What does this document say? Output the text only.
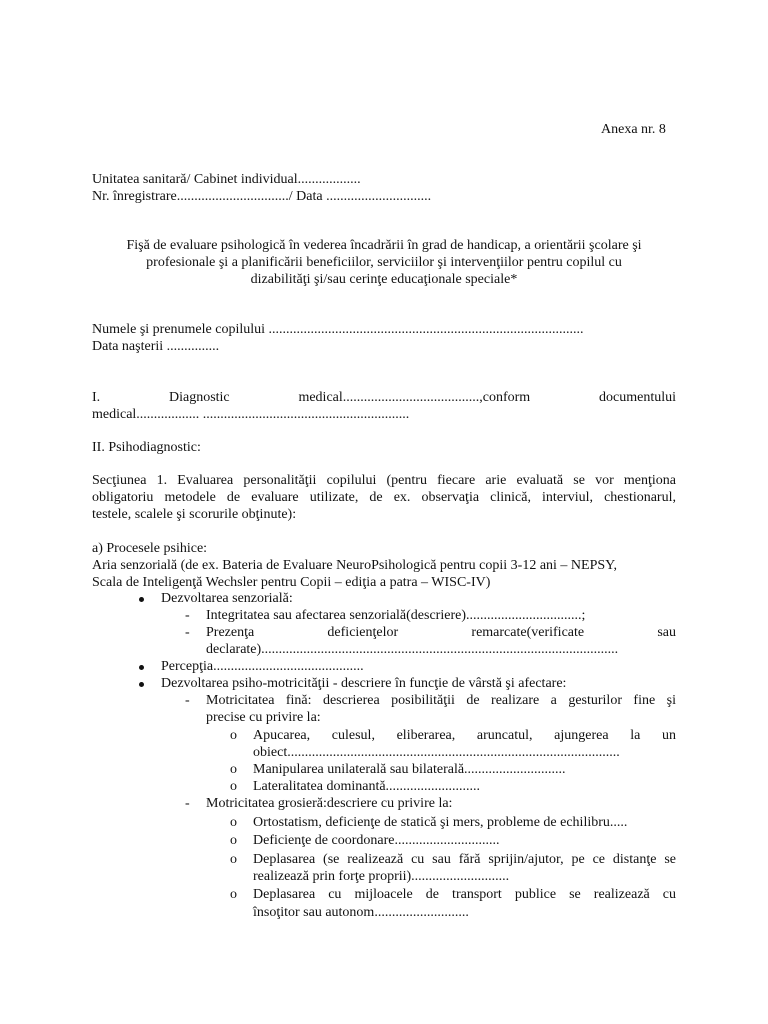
Anexa nr. 8

Unitatea sanitară/ Cabinet individual..................

Nr. înregistrare................................/ Data ..............................

Fişă de evaluare psihologică în vederea încadrării în grad de handicap, a orientării şcolare şi

profesionale şi a planificării beneficiilor, serviciilor şi intervenţiilor pentru copilul cu

dizabilităţi şi/sau cerinţe educaţionale speciale*

Numele şi prenumele copilului ..........................................................................................

Data naşterii ...............

I. Diagnostic medical.......................................,conform documentului

medical.................. ...........................................................

II. Psihodiagnostic:

Secţiunea 1. Evaluarea personalităţii copilului (pentru fiecare arie evaluată se vor menţiona

obligatoriu metodele de evaluare utilizate, de ex. observaţia clinică, interviul, chestionarul,

testele, scalele şi scorurile obţinute):

a) Procesele psihice:

Aria senzorială (de ex. Bateria de Evaluare NeuroPsihologică pentru copii 3-12 ani – NEPSY,

Scala de Inteligenţă Wechsler pentru Copii – ediţia a patra – WISC-IV)

Dezvoltarea senzorială:

- Integritatea sau afectarea senzorială(descriere).................................;

- Prezenţa deficienţelor remarcate(verificate sau

declarate)......................................................................................................

Percepţia...........................................

Dezvoltarea psiho-motricităţii - descriere în funcţie de vârstă şi afectare:

- Motricitatea fină: descrierea posibilităţii de realizare a gesturilor fine şi

precise cu privire la:

o Apucarea, culesul, eliberarea, aruncatul, ajungerea la un

obiect...............................................................................................

o Manipularea unilaterală sau bilaterală.............................

o Lateralitatea dominantă...........................

- Motricitatea grosieră:descriere cu privire la:

o Ortostatism, deficienţe de statică şi mers, probleme de echilibru.....

o Deficienţe de coordonare..............................

o Deplasarea (se realizează cu sau fără sprijin/ajutor, pe ce distanţe se

realizează prin forţe proprii)............................

o Deplasarea cu mijloacele de transport publice se realizează cu

însoţitor sau autonom...........................
